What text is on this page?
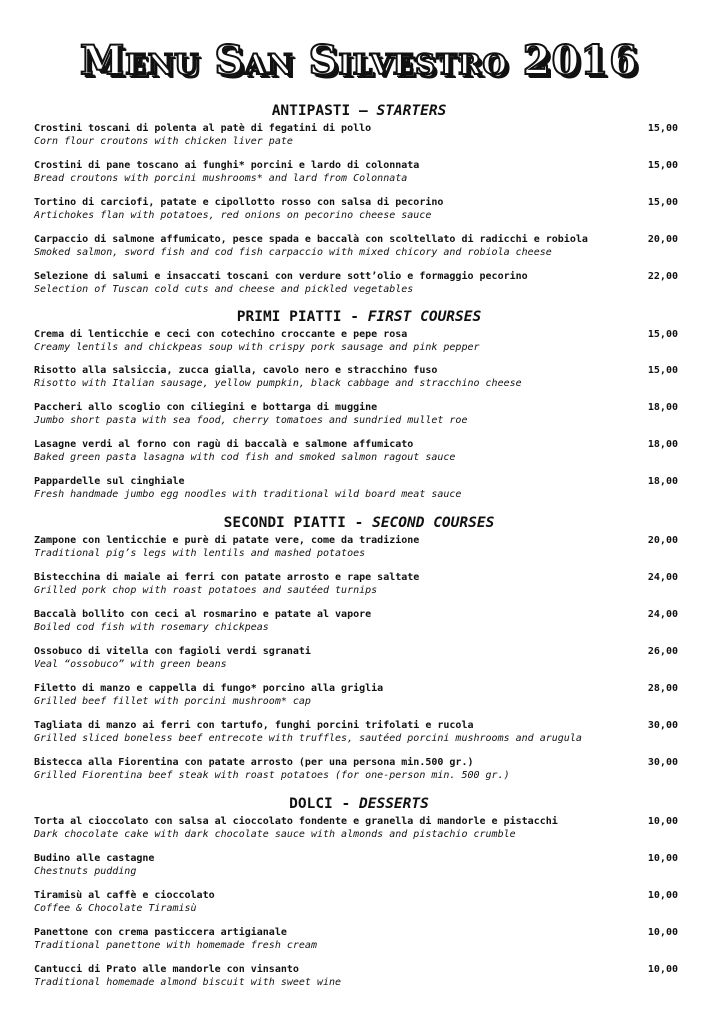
Menu San Silvestro 2016
ANTIPASTI – STARTERS
Crostini toscani di polenta al patè di fegatini di pollo
Corn flour croutons with chicken liver pate
15,00
Crostini di pane toscano ai funghi* porcini e lardo di colonnata
Bread croutons with porcini mushrooms* and lard from Colonnata
15,00
Tortino di carciofi, patate e cipollotto rosso con salsa di pecorino
Artichokes flan with potatoes, red onions on pecorino cheese sauce
15,00
Carpaccio di salmone affumicato, pesce spada e baccalà con scoltellato di radicchi e robiola
Smoked salmon, sword fish and cod fish carpaccio with mixed chicory and robiola cheese
20,00
Selezione di salumi e insaccati toscani con verdure sott’olio e formaggio pecorino
Selection of Tuscan cold cuts and cheese and pickled vegetables
22,00
PRIMI PIATTI - FIRST COURSES
Crema di lenticchie e ceci con cotechino croccante e pepe rosa
Creamy lentils and chickpeas soup with crispy pork sausage and pink pepper
15,00
Risotto alla salsiccia, zucca gialla, cavolo nero e stracchino fuso
Risotto with Italian sausage, yellow pumpkin, black cabbage and stracchino cheese
15,00
Paccheri allo scoglio con ciliegini e bottarga di muggine
Jumbo short pasta with sea food, cherry tomatoes and sundried mullet roe
18,00
Lasagne verdi al forno con ragù di baccalà e salmone affumicato
Baked green pasta lasagna with cod fish and smoked salmon ragout sauce
18,00
Pappardelle sul cinghiale
Fresh handmade jumbo egg noodles with traditional wild board meat sauce
18,00
SECONDI PIATTI - SECOND COURSES
Zampone con lenticchie e purè di patate vere, come da tradizione
Traditional pig’s legs with lentils and mashed potatoes
20,00
Bistecchina di maiale ai ferri con patate arrosto e rape saltate
Grilled pork chop with roast potatoes and sautéed turnips
24,00
Baccalà bollito con ceci al rosmarino e patate al vapore
Boiled cod fish with rosemary chickpeas
24,00
Ossobuco di vitella con fagioli verdi sgranati
Veal “ossobuco” with green beans
26,00
Filetto di manzo e cappella di fungo* porcino alla griglia
Grilled beef fillet with porcini mushroom* cap
28,00
Tagliata di manzo ai ferri con tartufo, funghi porcini trifolati e rucola
Grilled sliced boneless beef entrecote with truffles, sautéed porcini mushrooms and arugula
30,00
Bistecca alla Fiorentina con patate arrosto (per una persona min.500 gr.)
Grilled Fiorentina beef steak with roast potatoes (for one-person min. 500 gr.)
30,00
DOLCI - DESSERTS
Torta al cioccolato con salsa al cioccolato fondente e granella di mandorle e pistacchi
Dark chocolate cake with dark chocolate sauce with almonds and pistachio crumble
10,00
Budino alle castagne
Chestnuts pudding
10,00
Tiramisù al caffè e cioccolato
Coffee & Chocolate Tiramisù
10,00
Panettone con crema pasticcera artigianale
Traditional panettone with homemade fresh cream
10,00
Cantucci di Prato alle mandorle con vinsanto
Traditional homemade almond biscuit with sweet wine
10,00
